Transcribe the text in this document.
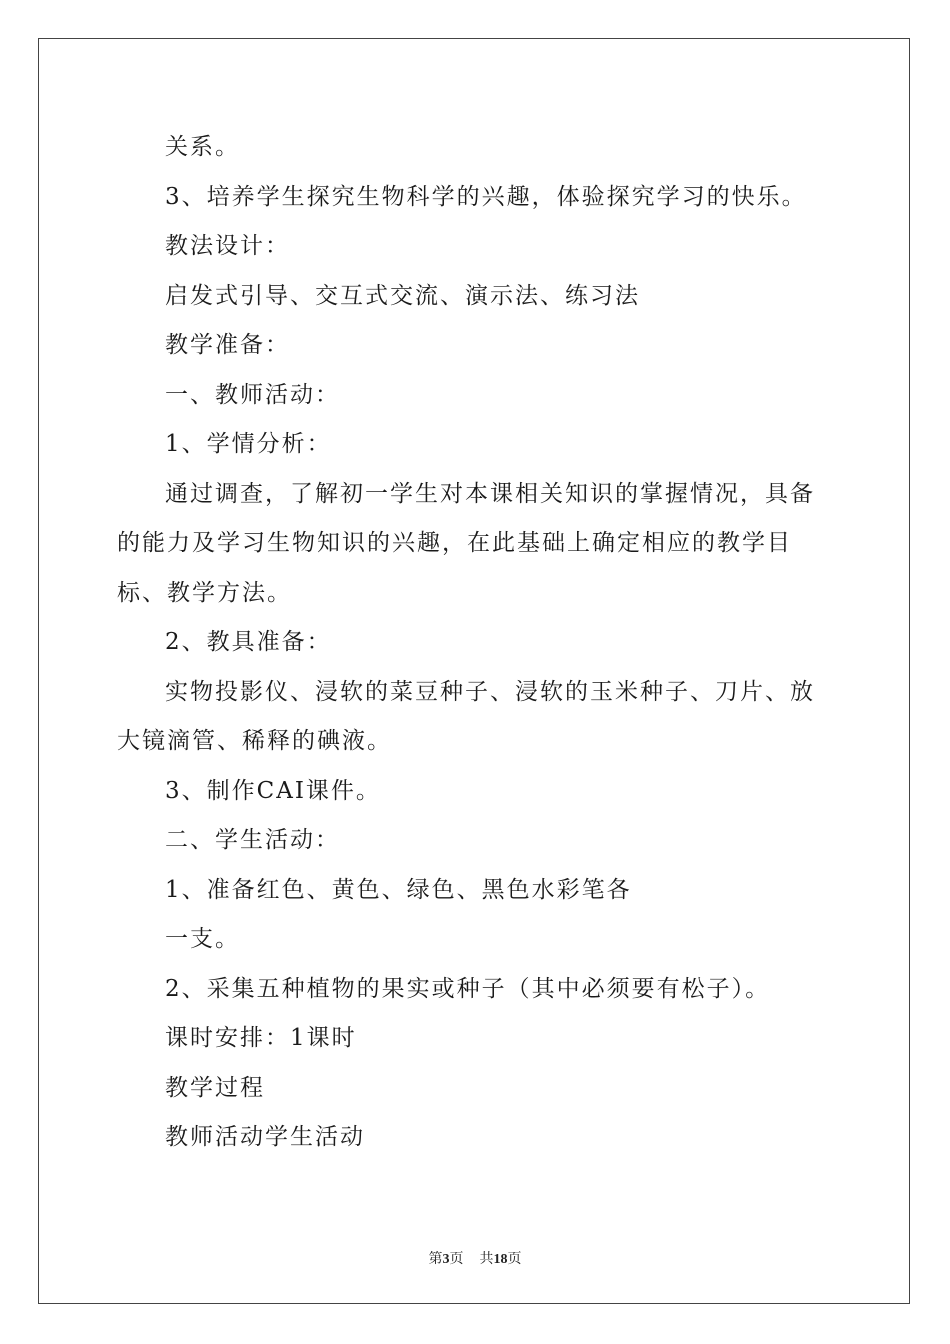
关系。

3、培养学生探究生物科学的兴趣，体验探究学习的快乐。

教法设计：

启发式引导、交互式交流、演示法、练习法

教学准备：

一、教师活动：

1、学情分析：

通过调查，了解初一学生对本课相关知识的掌握情况，具备的能力及学习生物知识的兴趣，在此基础上确定相应的教学目标、教学方法。

2、教具准备：

实物投影仪、浸软的菜豆种子、浸软的玉米种子、刀片、放大镜滴管、稀释的碘液。

3、制作CAI课件。

二、学生活动：

1、准备红色、黄色、绿色、黑色水彩笔各

一支。

2、采集五种植物的果实或种子（其中必须要有松子）。

课时安排：1课时

教学过程

教师活动学生活动

第3页 共18页
